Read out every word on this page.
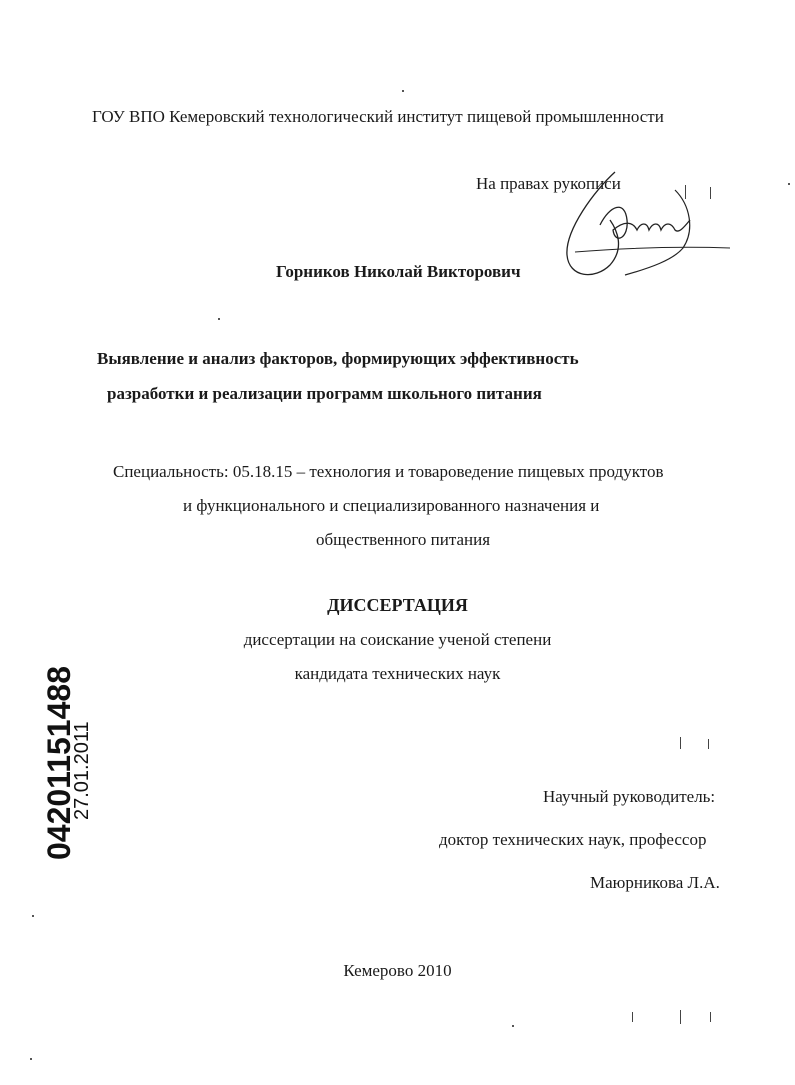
ГОУ ВПО Кемеровский технологический институт пищевой промышленности
На правах рукописи
Горников Николай Викторович
Выявление и анализ факторов, формирующих эффективность
разработки и реализации программ школьного питания
Специальность: 05.18.15 – технология и товароведение пищевых продуктов
и функционального и специализированного назначения и
общественного питания
ДИССЕРТАЦИЯ
диссертации на соискание ученой степени
кандидата технических наук
04201151488
27.01.2011	Научный руководитель:
доктор технических наук, профессор
Маюрникова Л.А.
Кемерово 2010
